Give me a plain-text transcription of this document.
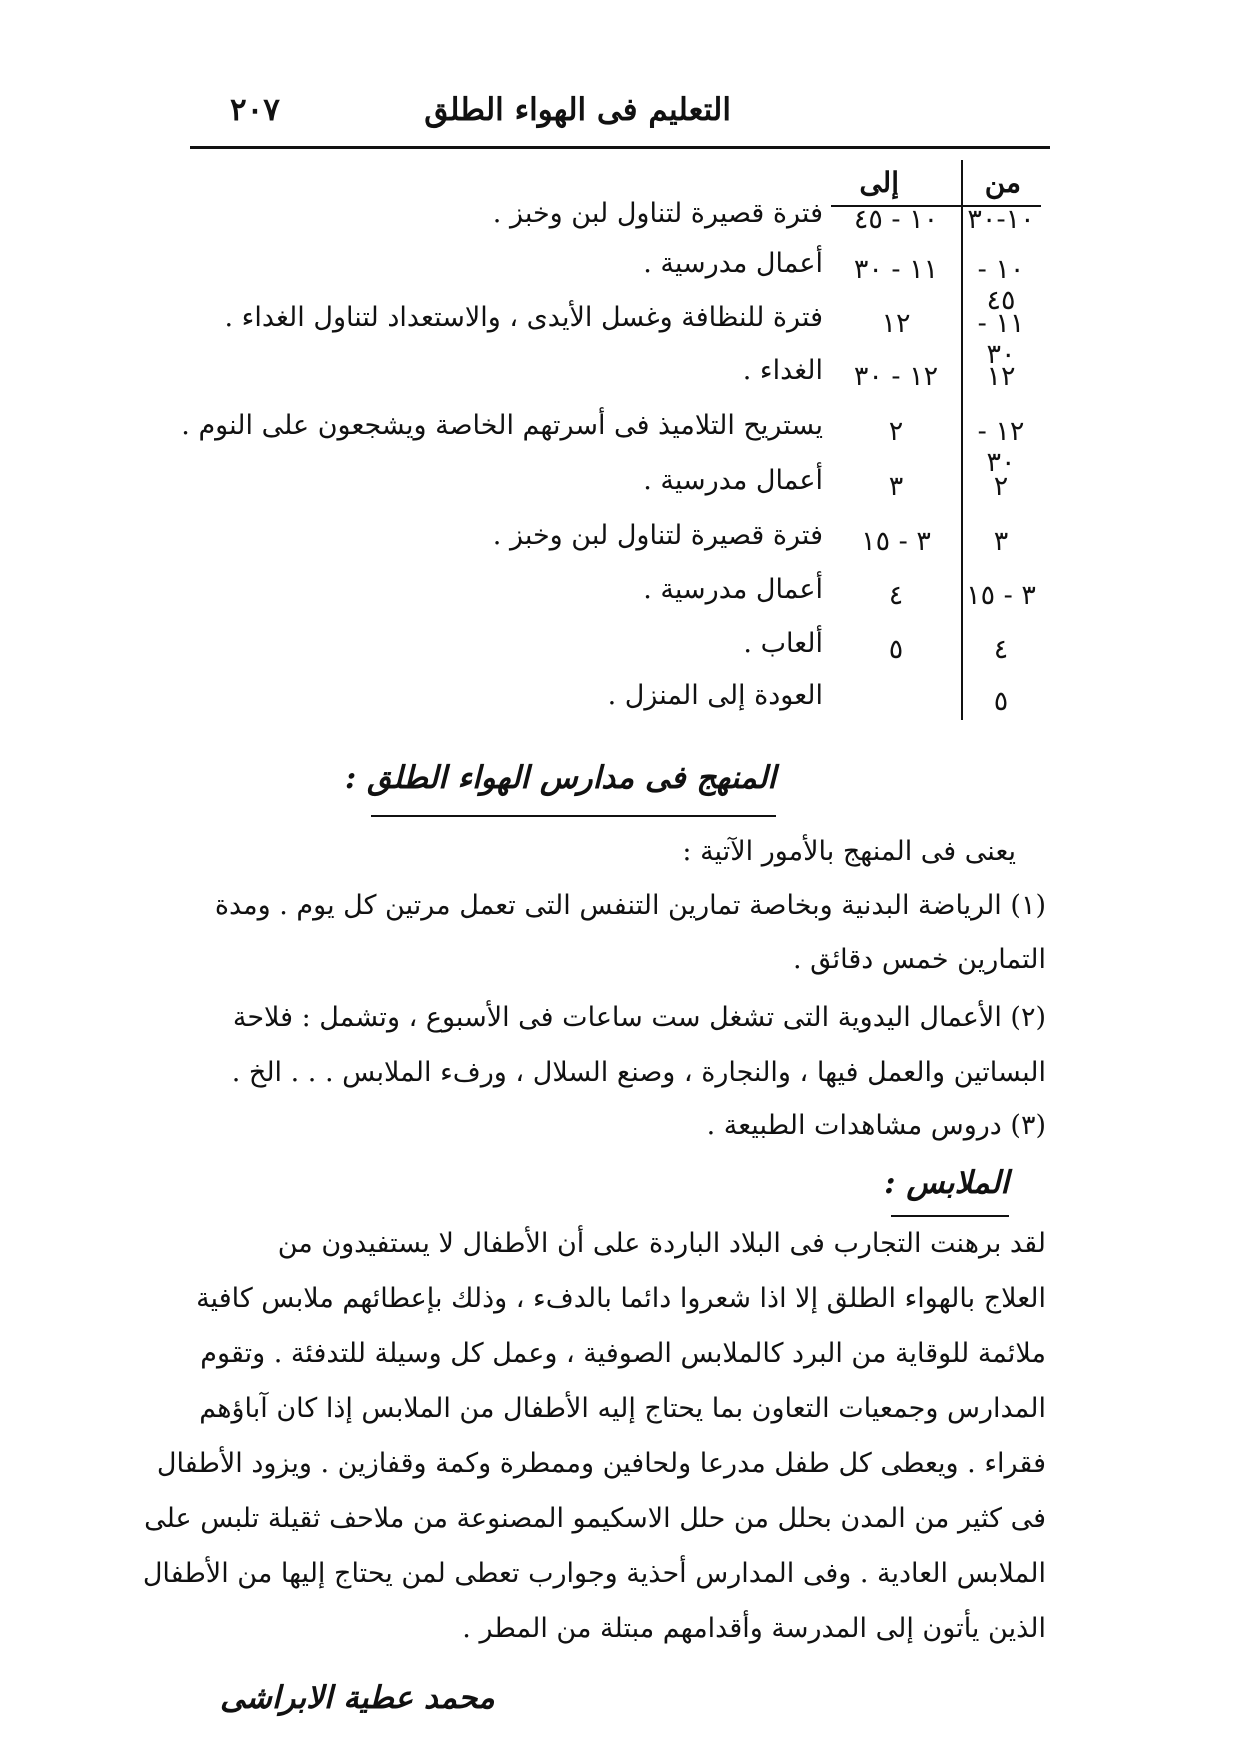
التعليم فى الهواء الطلق
٢٠٧
من
إلى
١٠-٣٠
١٠ - ٤٥
فترة قصيرة لتناول لبن وخبز .
١٠ - ٤٥
١١ - ٣٠
أعمال مدرسية .
١١ - ٣٠
١٢
فترة للنظافة وغسل الأيدى ، والاستعداد لتناول الغداء .
١٢
١٢ - ٣٠
الغداء .
١٢ - ٣٠
٢
يستريح التلاميذ فى أسرتهم الخاصة ويشجعون على النوم .
٢
٣
أعمال مدرسية .
٣
٣ - ١٥
فترة قصيرة لتناول لبن وخبز .
٣ - ١٥
٤
أعمال مدرسية .
٤
٥
ألعاب .
٥
العودة إلى المنزل .
المنهج فى مدارس الهواء الطلق :
يعنى فى المنهج بالأمور الآتية :
(١) الرياضة البدنية وبخاصة تمارين التنفس التى تعمل مرتين كل يوم . ومدة
التمارين خمس دقائق .
(٢) الأعمال اليدوية التى تشغل ست ساعات فى الأسبوع ، وتشمل : فلاحة
البساتين والعمل فيها ، والنجارة ، وصنع السلال ، ورفء الملابس . . . الخ .
(٣) دروس مشاهدات الطبيعة .
الملابس :
لقد برهنت التجارب فى البلاد الباردة على أن الأطفال لا يستفيدون من
العلاج بالهواء الطلق إلا اذا شعروا دائما بالدفء ، وذلك بإعطائهم ملابس كافية
ملائمة للوقاية من البرد كالملابس الصوفية ، وعمل كل وسيلة للتدفئة . وتقوم
المدارس وجمعيات التعاون بما يحتاج إليه الأطفال من الملابس إذا كان آباؤهم
فقراء . ويعطى كل طفل مدرعا ولحافين وممطرة وكمة وقفازين . ويزود الأطفال
فى كثير من المدن بحلل من حلل الاسكيمو المصنوعة من ملاحف ثقيلة تلبس على
الملابس العادية . وفى المدارس أحذية وجوارب تعطى لمن يحتاج إليها من الأطفال
الذين يأتون إلى المدرسة وأقدامهم مبتلة من المطر .
محمد عطية الابراشى
